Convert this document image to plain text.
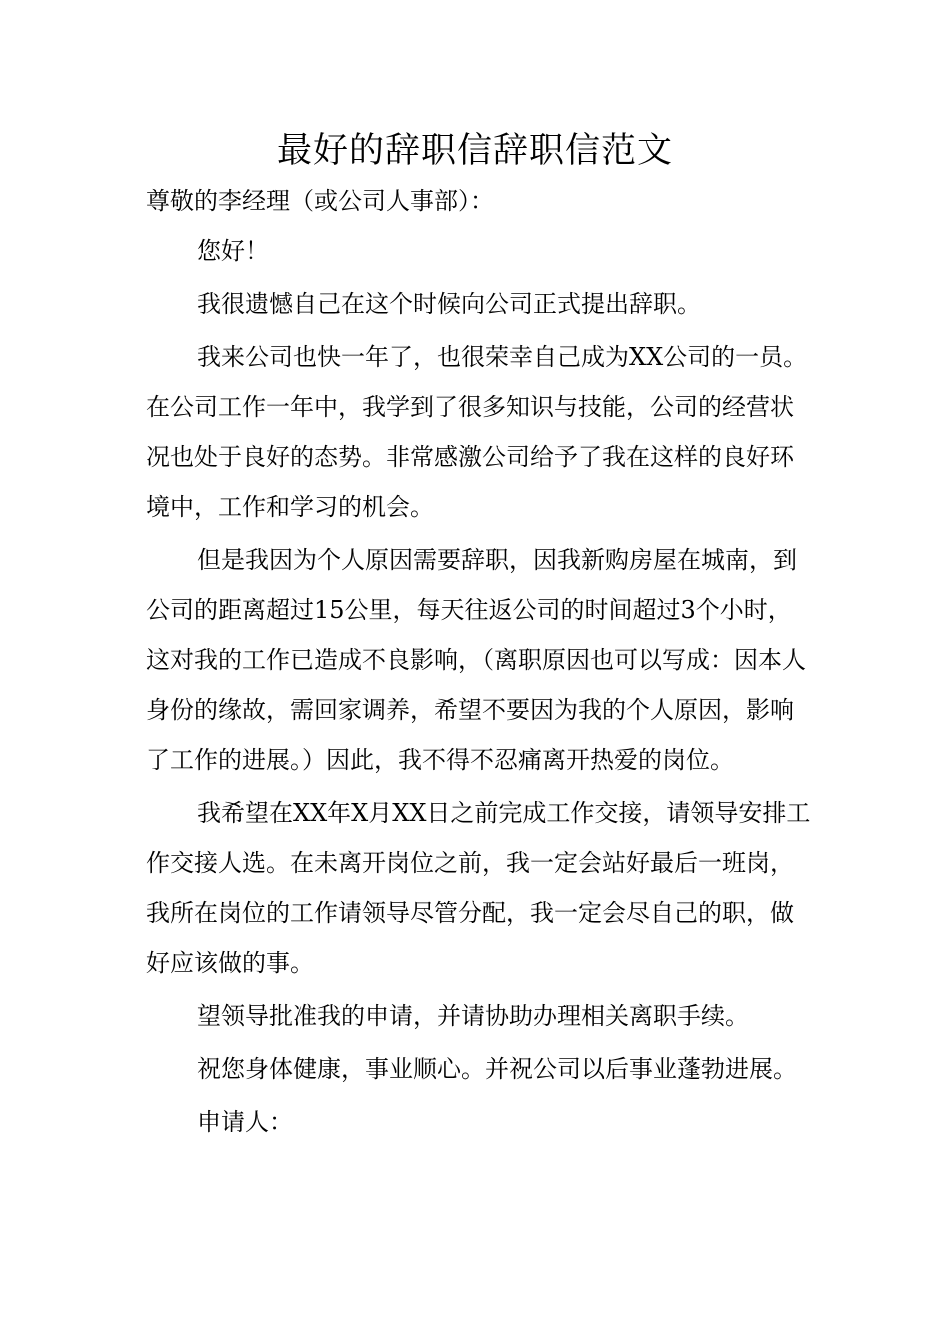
最好的辞职信辞职信范文

尊敬的李经理（或公司人事部）：

您好！

我很遗憾自己在这个时候向公司正式提出辞职。

我来公司也快一年了，也很荣幸自己成为XX公司的一员。在公司工作一年中，我学到了很多知识与技能，公司的经营状况也处于良好的态势。非常感激公司给予了我在这样的良好环境中，工作和学习的机会。

但是我因为个人原因需要辞职，因我新购房屋在城南，到公司的距离超过15公里，每天往返公司的时间超过3个小时，这对我的工作已造成不良影响，（离职原因也可以写成：因本人身份的缘故，需回家调养，希望不要因为我的个人原因，影响了工作的进展。）因此，我不得不忍痛离开热爱的岗位。

我希望在XX年X月XX日之前完成工作交接，请领导安排工作交接人选。在未离开岗位之前，我一定会站好最后一班岗，我所在岗位的工作请领导尽管分配，我一定会尽自己的职，做好应该做的事。

望领导批准我的申请，并请协助办理相关离职手续。

祝您身体健康，事业顺心。并祝公司以后事业蓬勃进展。

申请人：
